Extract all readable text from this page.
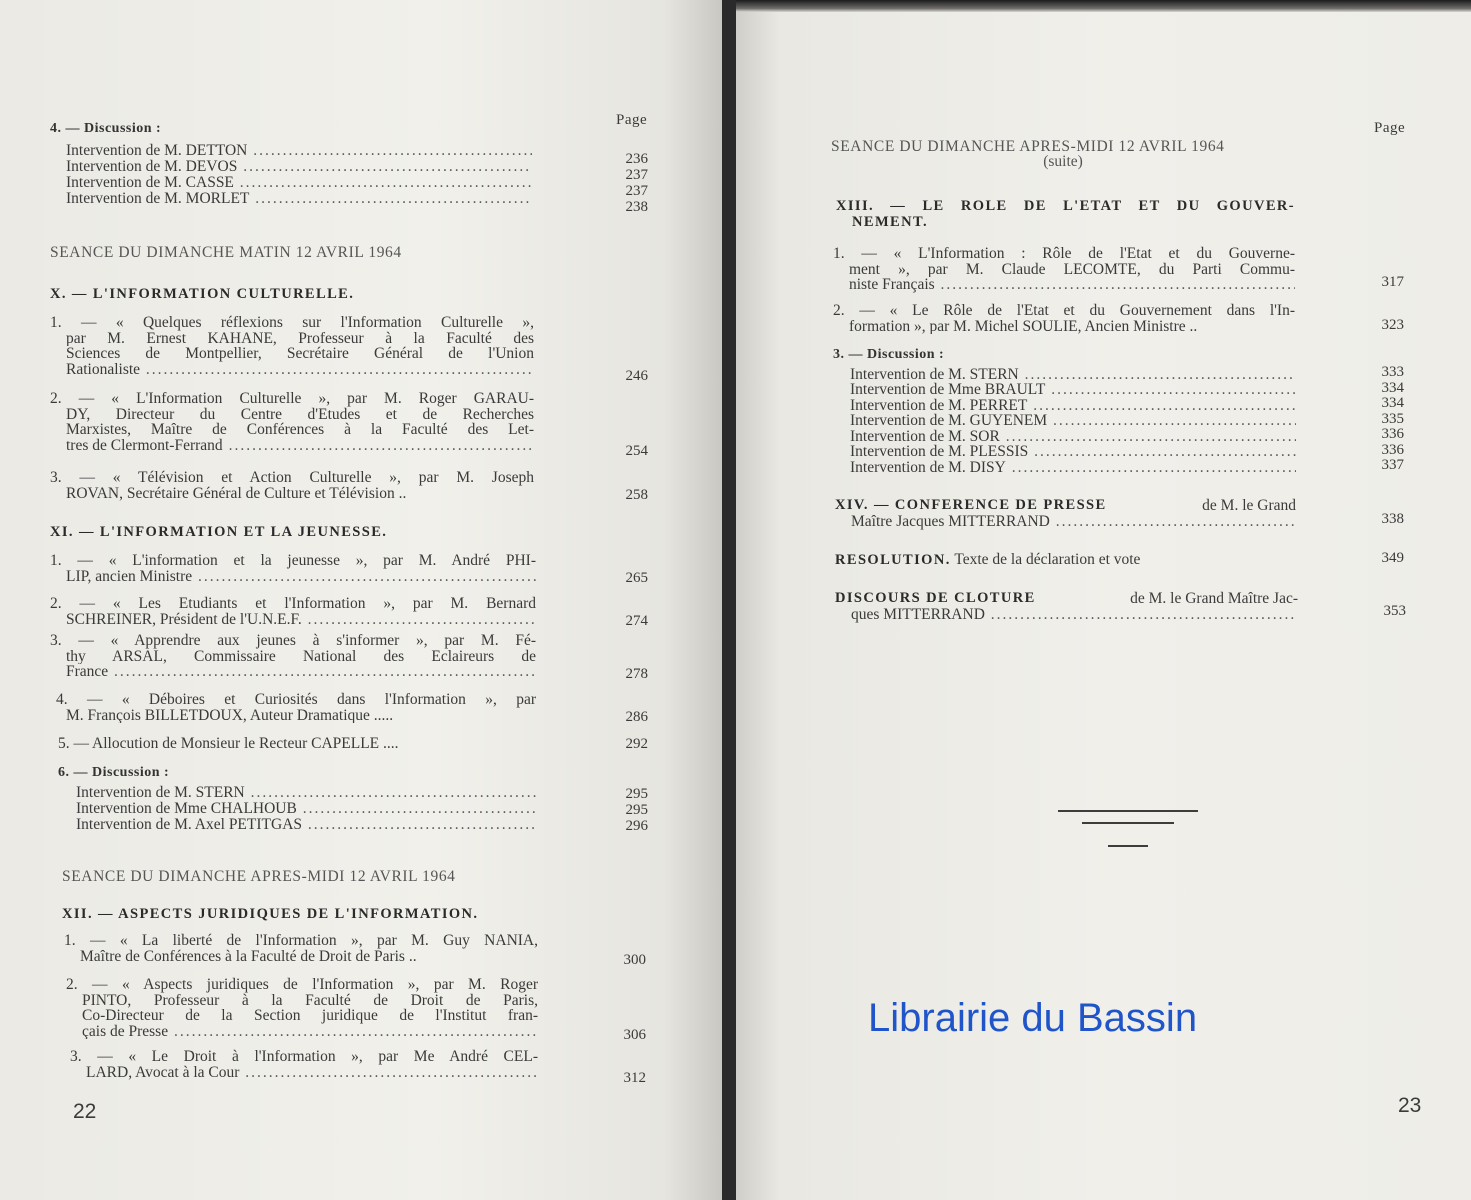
Page
4. — Discussion :
Intervention de M. DETTON .....	236
Intervention de M. DEVOS .....	237
Intervention de M. CASSE .....	237
Intervention de M. MORLET .....	238
SEANCE DU DIMANCHE MATIN 12 AVRIL 1964
X. — L'INFORMATION CULTURELLE.
1. — « Quelques réflexions sur l'Information Culturelle »,
par M. Ernest KAHANE, Professeur à la Faculté des
Sciences de Montpellier, Secrétaire Général de l'Union
Rationaliste .....	246
2. — « L'Information Culturelle », par M. Roger GARAU-
DY, Directeur du Centre d'Etudes et de Recherches
Marxistes, Maître de Conférences à la Faculté des Let-
tres de Clermont-Ferrand .....	254
3. — « Télévision et Action Culturelle », par M. Joseph
ROVAN, Secrétaire Général de Culture et Télévision ..	258
XI. — L'INFORMATION ET LA JEUNESSE.
1. — « L'information et la jeunesse », par M. André PHI-
LIP, ancien Ministre .....	265
2. — « Les Etudiants et l'Information », par M. Bernard
SCHREINER, Président de l'U.N.E.F. .....	274
3. — « Apprendre aux jeunes à s'informer », par M. Fé-
thy ARSAL, Commissaire National des Eclaireurs de
France .....	278
4. — « Déboires et Curiosités dans l'Information », par
M. François BILLETDOUX, Auteur Dramatique .....	286
5. — Allocution de Monsieur le Recteur CAPELLE ....	292
6. — Discussion :
Intervention de M. STERN .....	295
Intervention de Mme CHALHOUB .....	295
Intervention de M. Axel PETITGAS .....	296
SEANCE DU DIMANCHE APRES-MIDI 12 AVRIL 1964
XII. — ASPECTS JURIDIQUES DE L'INFORMATION.
1. — « La liberté de l'Information », par M. Guy NANIA,
Maître de Conférences à la Faculté de Droit de Paris ..	300
2. — « Aspects juridiques de l'Information », par M. Roger
PINTO, Professeur à la Faculté de Droit de Paris,
Co-Directeur de la Section juridique de l'Institut fran-
çais de Presse .....	306
3. — « Le Droit à l'Information », par Me André CEL-
LARD, Avocat à la Cour .....	312
22
Page
SEANCE DU DIMANCHE APRES-MIDI 12 AVRIL 1964
(suite)
XIII. — LE ROLE DE L'ETAT ET DU GOUVER-
NEMENT.
1. — « L'Information : Rôle de l'Etat et du Gouverne-
ment », par M. Claude LECOMTE, du Parti Commu-
niste Français .....	317
2. — « Le Rôle de l'Etat et du Gouvernement dans l'In-
formation », par M. Michel SOULIE, Ancien Ministre ..	323
3. — Discussion :
Intervention de M. STERN .....	333
Intervention de Mme BRAULT .....	334
Intervention de M. PERRET .....	334
Intervention de M. GUYENEM .....	335
Intervention de M. SOR .....	336
Intervention de M. PLESSIS .....	336
Intervention de M. DISY .....	337
XIV. — CONFERENCE DE PRESSE	de M. le Grand
Maître Jacques MITTERRAND .....	338
RESOLUTION. Texte de la déclaration et vote	349
DISCOURS DE CLOTURE	de M. le Grand Maître Jac-
ques MITTERRAND .....	353
Librairie du Bassin
23
